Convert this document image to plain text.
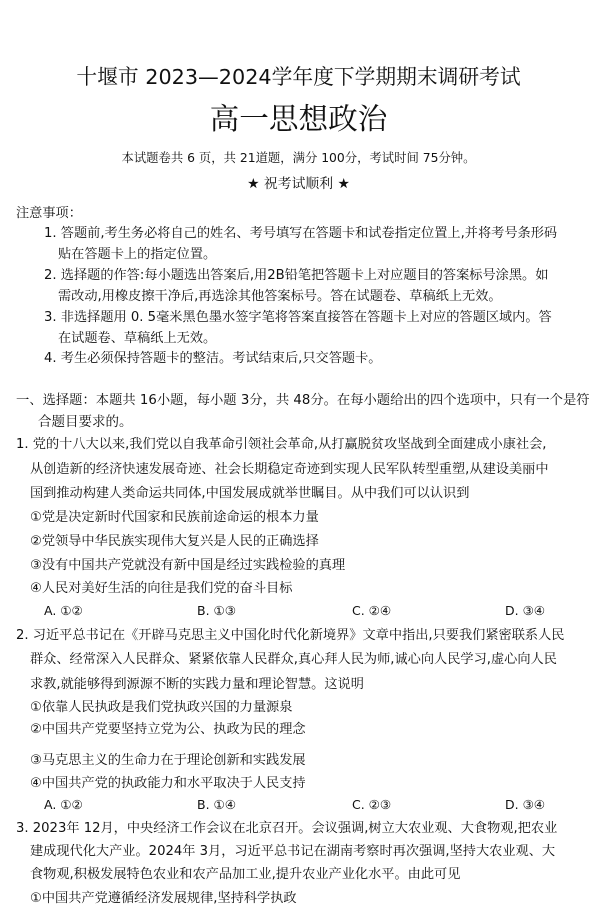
十堰市 2023—2024学年度下学期期末调研考试
高一思想政治
本试题卷共 6 页，共 21道题，满分 100分，考试时间 75分钟。
★ 祝考试顺利 ★
注意事项：
1. 答题前,考生务必将自己的姓名、考号填写在答题卡和试卷指定位置上,并将考号条形码
贴在答题卡上的指定位置。
2. 选择题的作答:每小题选出答案后,用2B铅笔把答题卡上对应题目的答案标号涂黑。如
需改动,用橡皮擦干净后,再选涂其他答案标号。答在试题卷、草稿纸上无效。
3. 非选择题用 0. 5毫米黑色墨水签字笔将答案直接答在答题卡上对应的答题区域内。答
在试题卷、草稿纸上无效。
4. 考生必须保持答题卡的整洁。考试结束后,只交答题卡。
一、选择题：本题共 16小题，每小题 3分，共 48分。在每小题给出的四个选项中，只有一个是符
合题目要求的。
1. 党的十八大以来,我们党以自我革命引领社会革命,从打赢脱贫攻坚战到全面建成小康社会,
从创造新的经济快速发展奇迹、社会长期稳定奇迹到实现人民军队转型重塑,从建设美丽中
国到推动构建人类命运共同体,中国发展成就举世瞩目。从中我们可以认识到
①党是决定新时代国家和民族前途命运的根本力量
②党领导中华民族实现伟大复兴是人民的正确选择
③没有中国共产党就没有新中国是经过实践检验的真理
④人民对美好生活的向往是我们党的奋斗目标
A. ①②	B. ①③	C. ②④	D. ③④
2. 习近平总书记在《开辟马克思主义中国化时代化新境界》文章中指出,只要我们紧密联系人民
群众、经常深入人民群众、紧紧依靠人民群众,真心拜人民为师,诚心向人民学习,虚心向人民
求教,就能够得到源源不断的实践力量和理论智慧。这说明
①依靠人民执政是我们党执政兴国的力量源泉
②中国共产党要坚持立党为公、执政为民的理念
③马克思主义的生命力在于理论创新和实践发展
④中国共产党的执政能力和水平取决于人民支持
A. ①②	B. ①④	C. ②③	D. ③④
3. 2023年 12月，中央经济工作会议在北京召开。会议强调,树立大农业观、大食物观,把农业
建成现代化大产业。2024年 3月，习近平总书记在湖南考察时再次强调,坚持大农业观、大
食物观,积极发展特色农业和农产品加工业,提升农业产业化水平。由此可见
①中国共产党遵循经济发展规律,坚持科学执政
